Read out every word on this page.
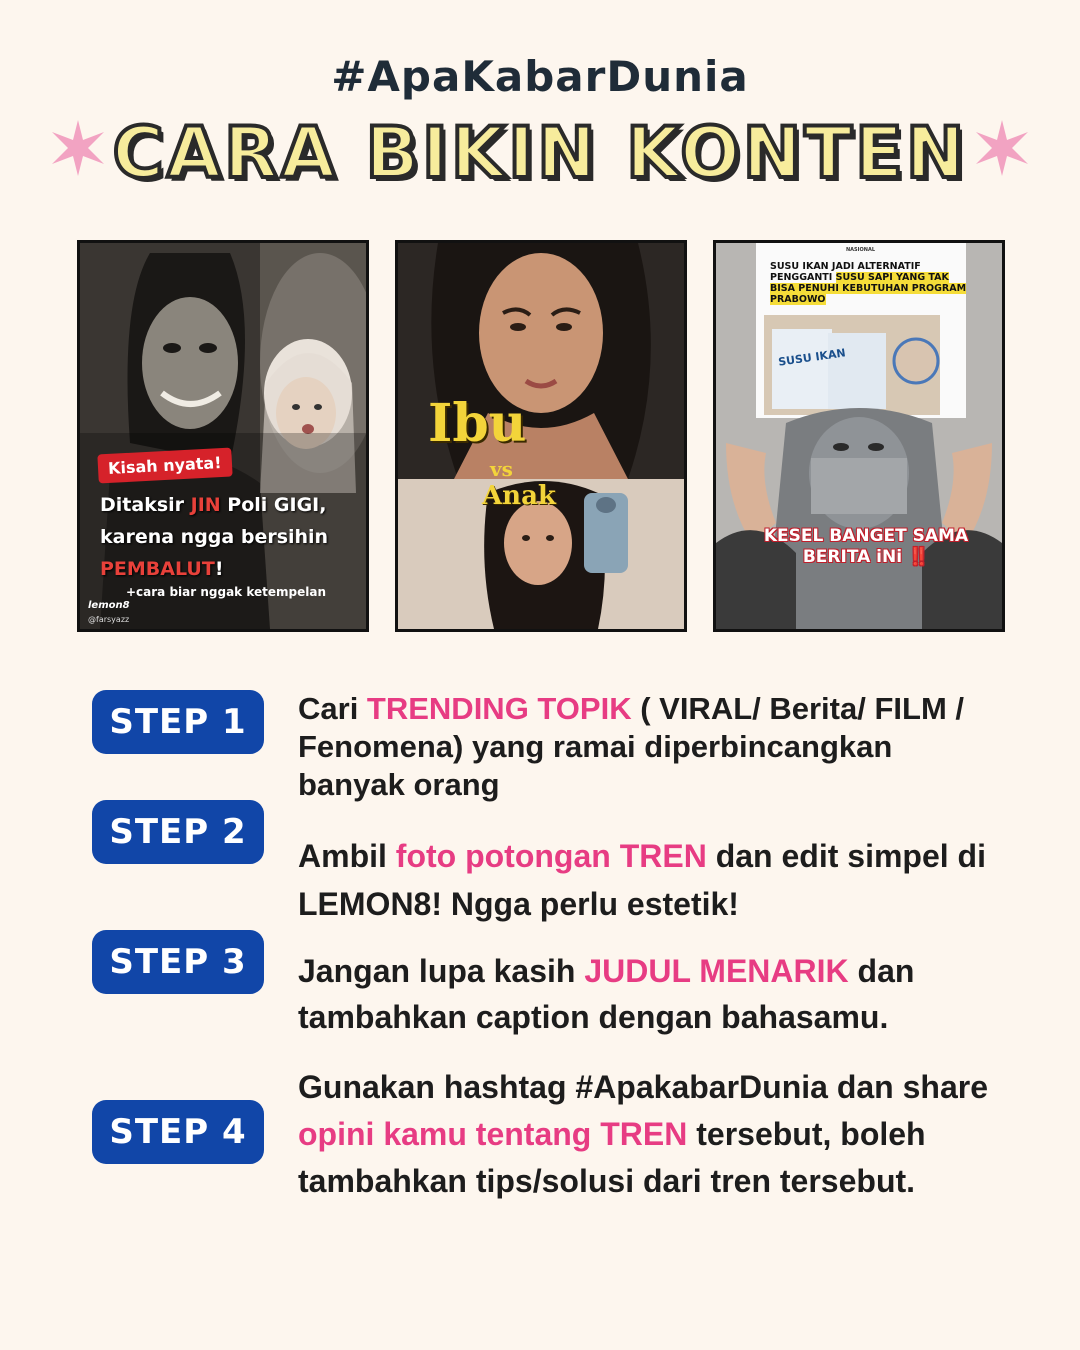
#ApaKabarDunia
CARA BIKIN KONTEN
Kisah nyata!
Ditaksir JIN Poli GIGI,
karena ngga bersihin
PEMBALUT!
+cara biar nggak ketempelan
lemon8
@farsyazz
Ibu
vs
Anak
NASIONAL
SUSU IKAN JADI ALTERNATIF PENGGANTI SUSU SAPI YANG TAK BISA PENUHI KEBUTUHAN PROGRAM PRABOWO
SUSU IKAN
KESEL BANGET SAMA BERITA iNi ‼️
STEP 1	Cari TRENDING TOPIK ( VIRAL/ Berita/ FILM / Fenomena) yang ramai diperbincangkan banyak orang
STEP 2
Ambil foto potongan TREN dan edit simpel di LEMON8! Ngga perlu estetik!
STEP 3	Jangan lupa kasih JUDUL MENARIK dan tambahkan caption dengan bahasamu.
STEP 4
Gunakan hashtag #ApakabarDunia dan share opini kamu tentang TREN tersebut, boleh tambahkan tips/solusi dari tren tersebut.
